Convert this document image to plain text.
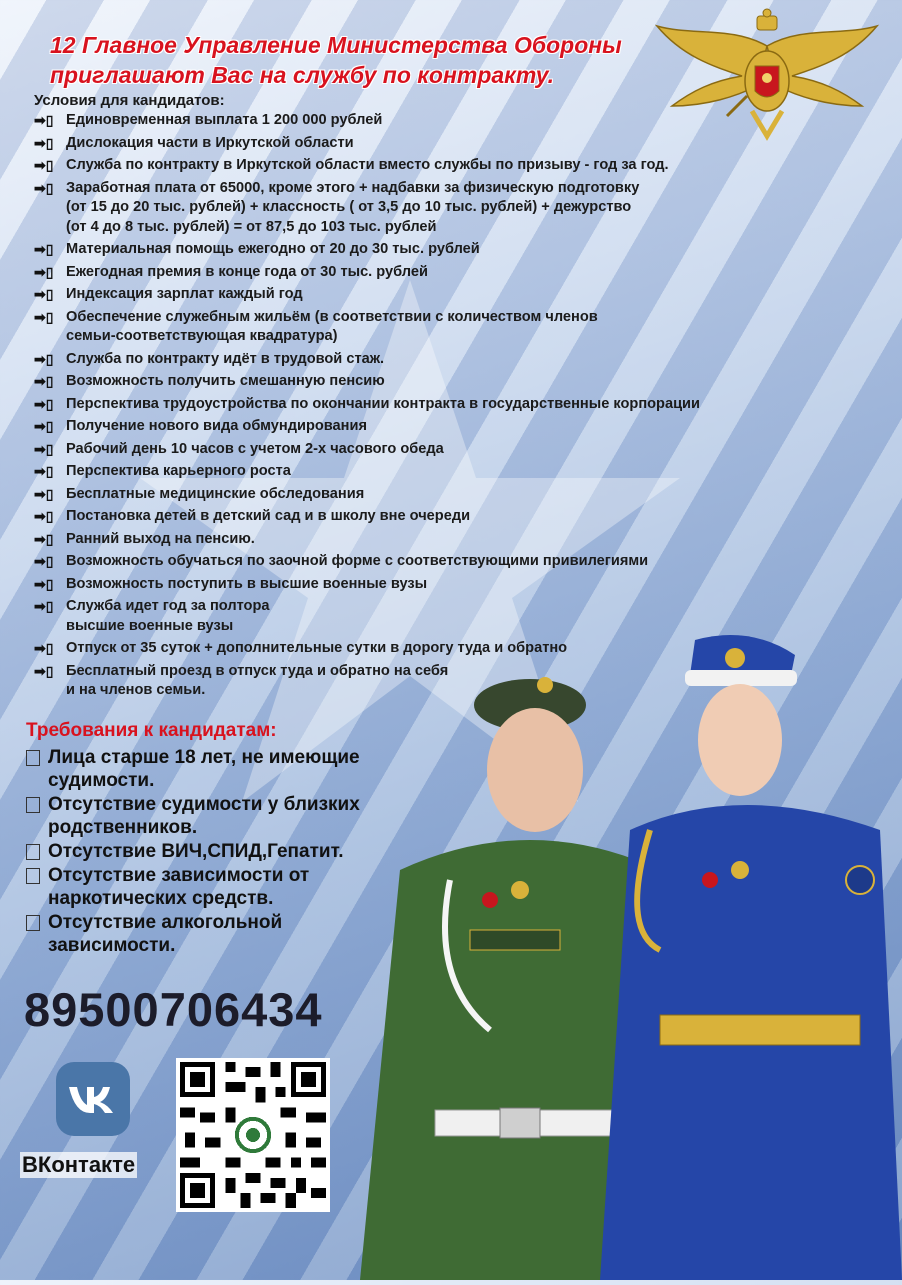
12 Главное Управление Министерства Обороны
приглашают Вас на службу по контракту.
Условия для кандидатов:
➡▯ Единовременная выплата 1 200 000 рублей
➡▯ Дислокация части в Иркутской области
➡▯ Служба по контракту в Иркутской области вместо службы по призыву - год за год.
➡▯ Заработная плата от 65000, кроме этого + надбавки за физическую подготовку
(от 15 до 20 тыс. рублей) + классность ( от 3,5 до 10 тыс. рублей) + дежурство
(от 4 до 8 тыс. рублей) = от 87,5 до 103 тыс. рублей
➡▯ Материальная помощь ежегодно от 20 до 30 тыс. рублей
➡▯ Ежегодная премия в конце года от 30 тыс. рублей
➡▯ Индексация зарплат каждый год
➡▯ Обеспечение служебным жильём (в соответствии с количеством членов
семьи-соответствующая квадратура)
➡▯ Служба по контракту идёт в трудовой стаж.
➡▯ Возможность получить смешанную пенсию
➡▯ Перспектива трудоустройства по окончании контракта в государственные корпорации
➡▯ Получение нового вида обмундирования
➡▯ Рабочий день 10 часов с учетом 2-х часового обеда
➡▯ Перспектива карьерного роста
➡▯ Бесплатные медицинские обследования
➡▯ Постановка детей в детский сад и в школу вне очереди
➡▯ Ранний выход на пенсию.
➡▯ Возможность обучаться по заочной форме с соответствующими привилегиями
➡▯ Возможность поступить в высшие военные вузы
➡▯ Служба идет год за полтора
высшие военные вузы
➡▯ Отпуск от 35 суток + дополнительные сутки в дорогу туда и обратно
➡▯ Бесплатный проезд в отпуск туда и обратно на себя
и на членов семьи.
Требования к кандидатам:
Лица старше 18 лет, не имеющие
судимости.
Отсутствие судимости у близких
родственников.
Отсутствие ВИЧ,СПИД,Гепатит.
Отсутствие зависимости от
наркотических средств.
Отсутствие алкогольной
зависимости.
89500706434
ВКонтакте
